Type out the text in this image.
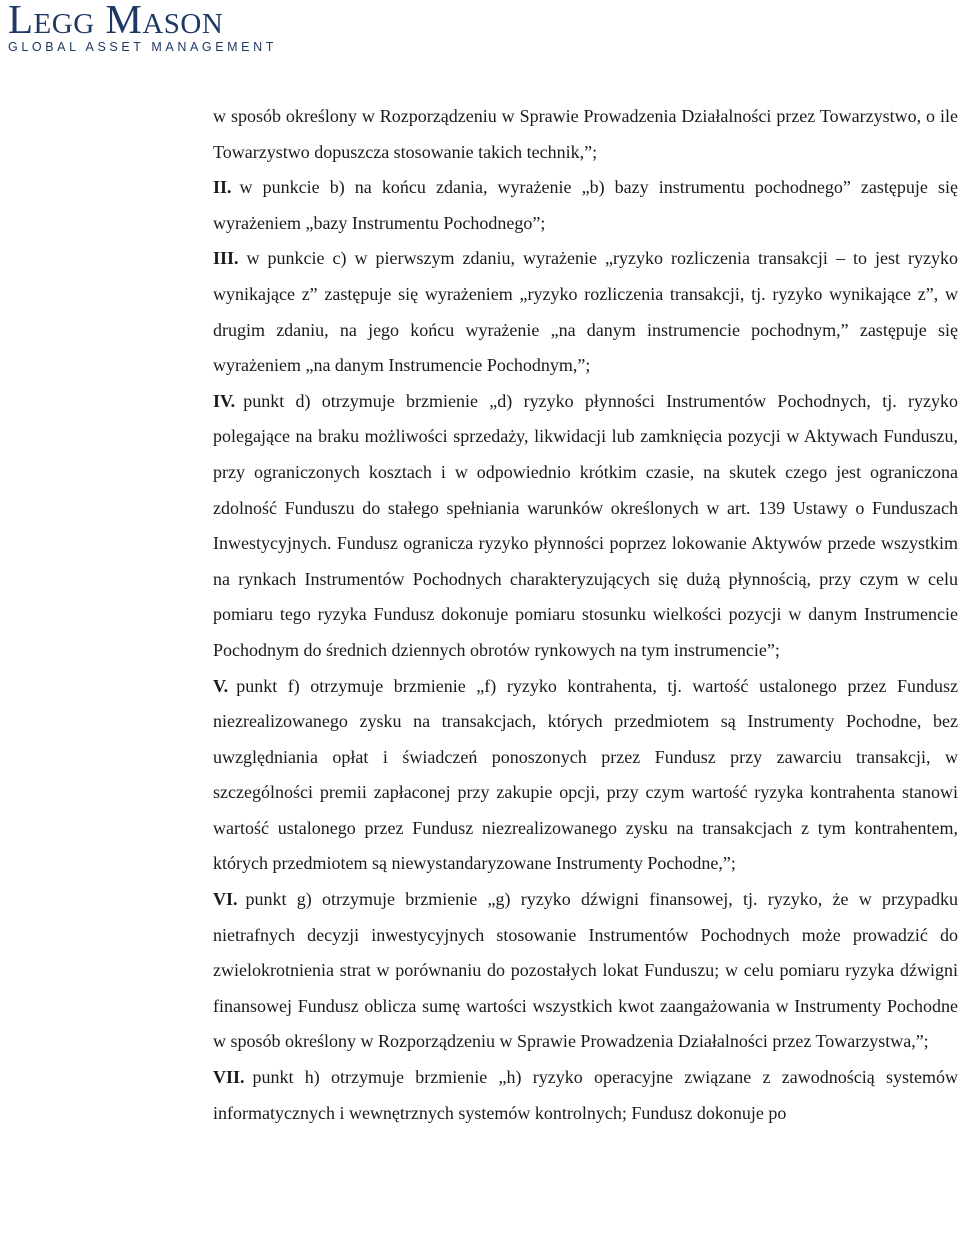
Legg Mason
GLOBAL ASSET MANAGEMENT

w sposób określony w Rozporządzeniu w Sprawie Prowadzenia Działalności przez Towarzystwo, o ile Towarzystwo dopuszcza stosowanie takich technik,”;

II. w punkcie b) na końcu zdania, wyrażenie „b) bazy instrumentu pochodnego” zastępuje się wyrażeniem „bazy Instrumentu Pochodnego”;

III. w punkcie c) w pierwszym zdaniu, wyrażenie „ryzyko rozliczenia transakcji – to jest ryzyko wynikające z” zastępuje się wyrażeniem „ryzyko rozliczenia transakcji, tj. ryzyko wynikające z”, w drugim zdaniu, na jego końcu wyrażenie „na danym instrumencie pochodnym,” zastępuje się wyrażeniem „na danym Instrumencie Pochodnym,”;

IV. punkt d) otrzymuje brzmienie „d) ryzyko płynności Instrumentów Pochodnych, tj. ryzyko polegające na braku możliwości sprzedaży, likwidacji lub zamknięcia pozycji w Aktywach Funduszu, przy ograniczonych kosztach i w odpowiednio krótkim czasie, na skutek czego jest ograniczona zdolność Funduszu do stałego spełniania warunków określonych w art. 139 Ustawy o Funduszach Inwestycyjnych. Fundusz ogranicza ryzyko płynności poprzez lokowanie Aktywów przede wszystkim na rynkach Instrumentów Pochodnych charakteryzujących się dużą płynnością, przy czym w celu pomiaru tego ryzyka Fundusz dokonuje pomiaru stosunku wielkości pozycji w danym Instrumencie Pochodnym do średnich dziennych obrotów rynkowych na tym instrumencie”;

V. punkt f) otrzymuje brzmienie „f) ryzyko kontrahenta, tj. wartość ustalonego przez Fundusz niezrealizowanego zysku na transakcjach, których przedmiotem są Instrumenty Pochodne, bez uwzględniania opłat i świadczeń ponoszonych przez Fundusz przy zawarciu transakcji, w szczególności premii zapłaconej przy zakupie opcji, przy czym wartość ryzyka kontrahenta stanowi wartość ustalonego przez Fundusz niezrealizowanego zysku na transakcjach z tym kontrahentem, których przedmiotem są niewystandaryzowane Instrumenty Pochodne,”;

VI. punkt g) otrzymuje brzmienie „g) ryzyko dźwigni finansowej, tj. ryzyko, że w przypadku nietrafnych decyzji inwestycyjnych stosowanie Instrumentów Pochodnych może prowadzić do zwielokrotnienia strat w porównaniu do pozostałych lokat Funduszu; w celu pomiaru ryzyka dźwigni finansowej Fundusz oblicza sumę wartości wszystkich kwot zaangażowania w Instrumenty Pochodne w sposób określony w Rozporządzeniu w Sprawie Prowadzenia Działalności przez Towarzystwa,”;

VII. punkt h) otrzymuje brzmienie „h) ryzyko operacyjne związane z zawodnością systemów informatycznych i wewnętrznych systemów kontrolnych; Fundusz dokonuje po
